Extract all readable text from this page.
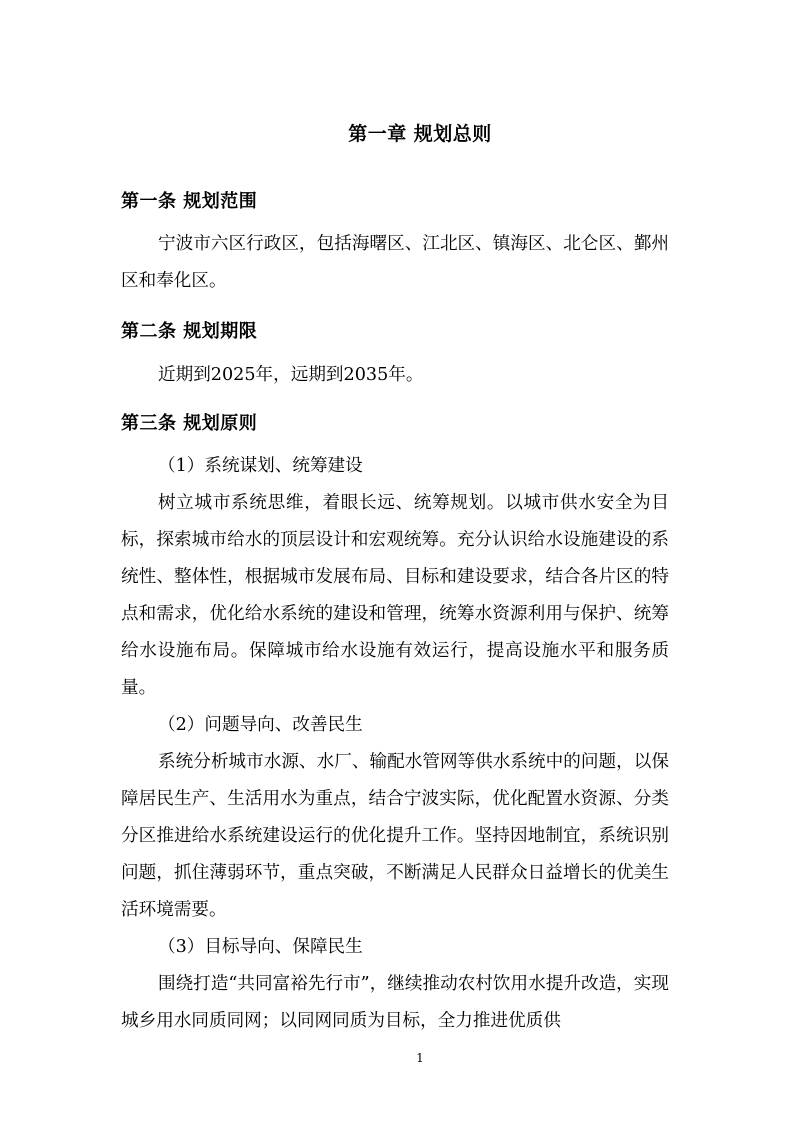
第一章 规划总则
第一条 规划范围

宁波市六区行政区，包括海曙区、江北区、镇海区、北仑区、鄞州区和奉化区。

第二条 规划期限

近期到2025年，远期到2035年。

第三条 规划原则

（1）系统谋划、统筹建设

树立城市系统思维，着眼长远、统筹规划。以城市供水安全为目标，探索城市给水的顶层设计和宏观统筹。充分认识给水设施建设的系统性、整体性，根据城市发展布局、目标和建设要求，结合各片区的特点和需求，优化给水系统的建设和管理，统筹水资源利用与保护、统筹给水设施布局。保障城市给水设施有效运行，提高设施水平和服务质量。

（2）问题导向、改善民生

系统分析城市水源、水厂、输配水管网等供水系统中的问题，以保障居民生产、生活用水为重点，结合宁波实际，优化配置水资源、分类分区推进给水系统建设运行的优化提升工作。坚持因地制宜，系统识别问题，抓住薄弱环节，重点突破，不断满足人民群众日益增长的优美生活环境需要。

（3）目标导向、保障民生

围绕打造“共同富裕先行市”，继续推动农村饮用水提升改造，实现城乡用水同质同网；以同网同质为目标，全力推进优质供

1
